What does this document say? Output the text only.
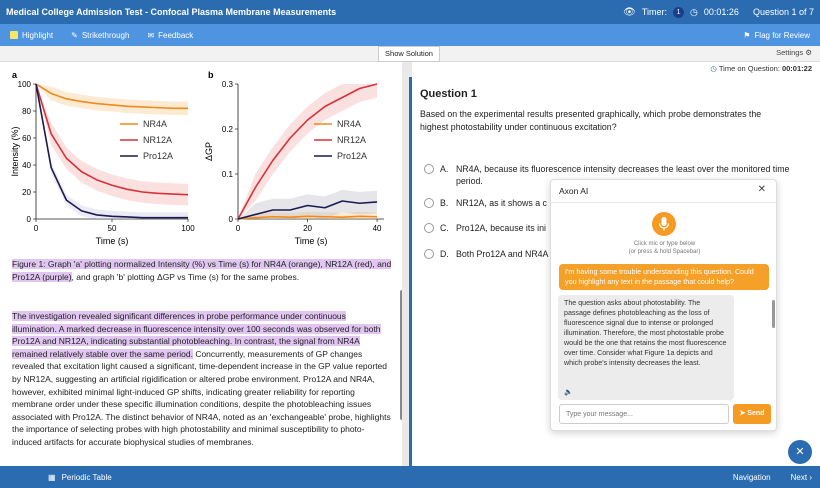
Medical College Admission Test - Confocal Plasma Membrane Measurements	👁 Timer:	1	◷ 00:01:26 Question 1 of 7
Highlight ✎ Strikethrough ✉ Feedback	⚑ Flag for Review
Show Solution	Settings ⚙
◷ Time on Question: 00:01:22
a
0
20
40
60
80
100
0	50	100
Time (s)
Intensity (%)
NR4A
NR12A
Pro12A
b
0
0.1
0.2
0.3
0	20	40
Time (s)
ΔGP
NR4A
NR12A
Pro12A
Figure 1: Graph 'a' plotting normalized Intensity (%) vs Time (s) for NR4A (orange), NR12A (red), and Pro12A (purple), and graph 'b' plotting ΔGP vs Time (s) for the same probes.
The investigation revealed significant differences in probe performance under continuous illumination. A marked decrease in fluorescence intensity over 100 seconds was observed for both Pro12A and NR12A, indicating substantial photobleaching. In contrast, the signal from NR4A remained relatively stable over the same period. Concurrently, measurements of GP changes revealed that excitation light caused a significant, time-dependent increase in the GP value reported by NR12A, suggesting an artificial rigidification or altered probe environment. Pro12A and NR4A, however, exhibited minimal light-induced GP shifts, indicating greater reliability for reporting membrane order under these specific illumination conditions, despite the photobleaching issues associated with Pro12A. The distinct behavior of NR4A, noted as an 'exchangeable' probe, highlights the importance of selecting probes with high photostability and minimal susceptibility to photo-induced artifacts for accurate biophysical studies of membranes.
Question 1
Based on the experimental results presented graphically, which probe demonstrates the highest photostability under continuous excitation?
A. NR4A, because its fluorescence intensity decreases the least over the monitored time period.
B. NR12A, as it shows a c
C. Pro12A, because its ini
D. Both Pro12A and NR4A
Axon AI	✕
Click mic or type below
(or press & hold Spacebar)
I'm having some trouble understanding this question. Could you highlight any text in the passage that could help?
The question asks about photostability. The passage defines photobleaching as the loss of fluorescence signal due to intense or prolonged illumination. Therefore, the most photostable probe would be the one that retains the most fluorescence over time. Consider what Figure 1a depicts and which probe's intensity decreases the least.
🔈
Type your message...
➤ Send
✕
▦ Periodic Table	Navigation	Next ›
